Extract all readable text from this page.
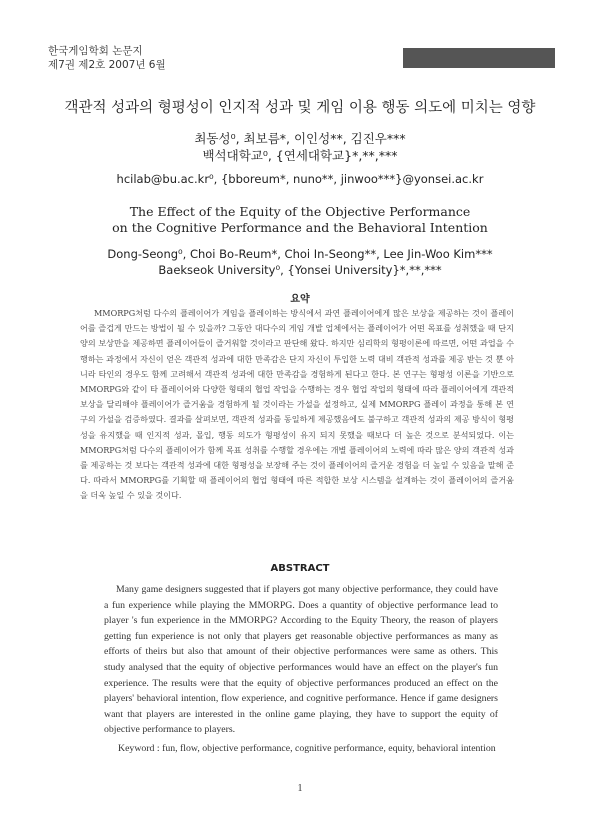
한국게임학회 논문지
제7권 제2호 2007년 6월
객관적 성과의 형평성이 인지적 성과 및 게임 이용 행동 의도에 미치는 영향
최동성⁰, 최보름*, 이인성**, 김진우***
백석대학교⁰, {연세대학교}*,**,***
hcilab@bu.ac.kr⁰, {bboreum*, nuno**, jinwoo***}@yonsei.ac.kr
The Effect of the Equity of the Objective Performance
on the Cognitive Performance and the Behavioral Intention
Dong-Seong⁰, Choi Bo-Reum*, Choi In-Seong**, Lee Jin-Woo Kim***
Baekseok University⁰, {Yonsei University}*,**,***
요약

MMORPG처럼 다수의 플레이어가 게임을 플레이하는 방식에서 과연 플레이어에게 많은 보상을 제공하는 것이 플레이어를 즐겁게 만드는 방법이 될 수 있을까? 그동안 대다수의 게임 개발 업체에서는 플레이어가 어떤 목표를 성취했을 때 단지 양의 보상만을 제공하면 플레이어들이 즐거워할 것이라고 판단해 왔다. 하지만 심리학의 형평이론에 따르면, 어떤 과업을 수행하는 과정에서 자신이 얻은 객관적 성과에 대한 만족감은 단지 자신이 투입한 노력 대비 객관적 성과를 제공 받는 것 뿐 아니라 타인의 경우도 함께 고려해서 객관적 성과에 대한 만족감을 경험하게 된다고 한다. 본 연구는 형평성 이론을 기반으로 MMORPG와 같이 타 플레이어와 다양한 형태의 협업 작업을 수행하는 경우 협업 작업의 형태에 따라 플레이어에게 객관적 보상을 달리해야 플레이어가 즐거움을 경험하게 될 것이라는 가설을 설정하고, 실제 MMORPG 플레이 과정을 통해 본 연구의 가설을 검증하였다. 결과를 살펴보면, 객관적 성과를 동일하게 제공했음에도 불구하고 객관적 성과의 제공 방식이 형평성을 유지했을 때 인지적 성과, 몰입, 행동 의도가 형평성이 유지 되지 못했을 때보다 더 높은 것으로 분석되었다. 이는 MMORPG처럼 다수의 플레이어가 함께 목표 성취를 수행할 경우에는 개별 플레이어의 노력에 따라 많은 양의 객관적 성과를 제공하는 것 보다는 객관적 성과에 대한 형평성을 보장해 주는 것이 플레이어의 즐거운 경험을 더 높일 수 있음을 말해 준다. 따라서 MMORPG를 기획할 때 플레이어의 협업 형태에 따른 적합한 보상 시스템을 설계하는 것이 플레이어의 즐거움을 더욱 높일 수 있을 것이다.

ABSTRACT

Many game designers suggested that if players got many objective performance, they could have a fun experience while playing the MMORPG. Does a quantity of objective performance lead to player 's fun experience in the MMORPG? According to the Equity Theory, the reason of players getting fun experience is not only that players get reasonable objective performances as many as efforts of theirs but also that amount of their objective performances were same as others. This study analysed that the equity of objective performances would have an effect on the player's fun experience. The results were that the equity of objective performances produced an effect on the players' behavioral intention, flow experience, and cognitive performance. Hence if game designers want that players are interested in the online game playing, they have to support the equity of objective performance to players.

Keyword : fun, flow, objective performance, cognitive performance, equity, behavioral intention
1
